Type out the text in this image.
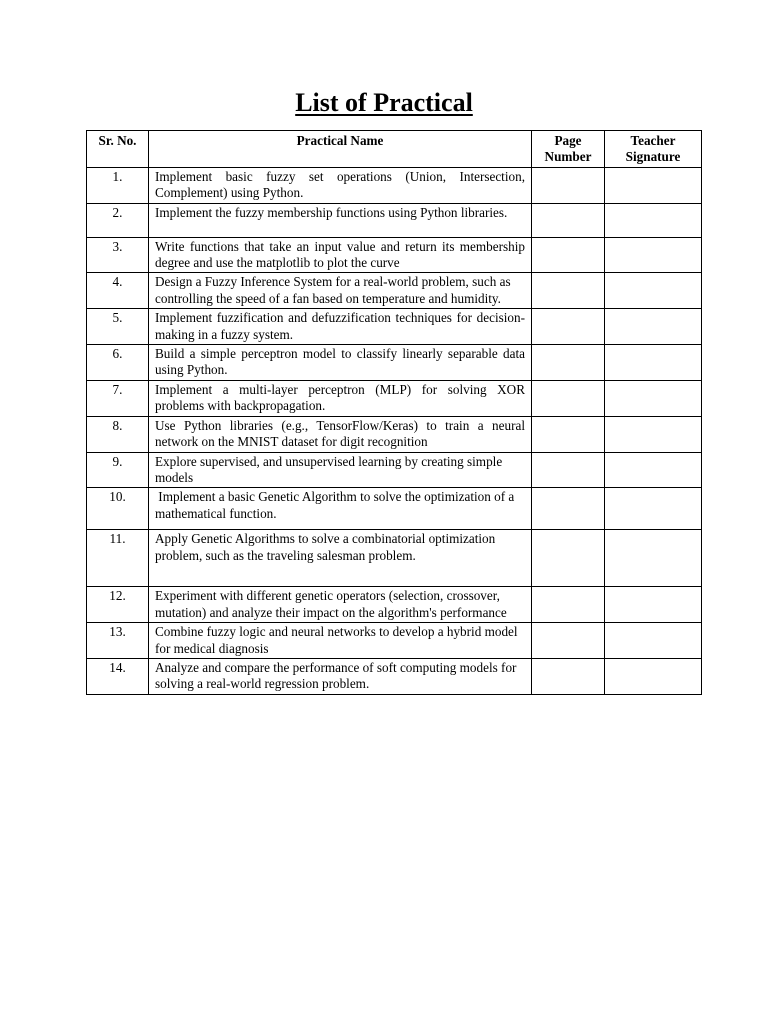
List of Practical
Sr. No.	Practical Name	Page Number	Teacher Signature
1.	Implement basic fuzzy set operations (Union, Intersection, Complement) using Python.		
2.	Implement the fuzzy membership functions using Python libraries.		
3.	Write functions that take an input value and return its membership degree and use the matplotlib to plot the curve		
4.	Design a Fuzzy Inference System for a real-world problem, such as controlling the speed of a fan based on temperature and humidity.		
5.	Implement fuzzification and defuzzification techniques for decision-making in a fuzzy system.		
6.	Build a simple perceptron model to classify linearly separable data using Python.		
7.	Implement a multi-layer perceptron (MLP) for solving XOR problems with backpropagation.		
8.	Use Python libraries (e.g., TensorFlow/Keras) to train a neural network on the MNIST dataset for digit recognition		
9.	Explore supervised, and unsupervised learning by creating simple models		
10.	Implement a basic Genetic Algorithm to solve the optimization of a mathematical function.		
11.	Apply Genetic Algorithms to solve a combinatorial optimization problem, such as the traveling salesman problem.		
12.	Experiment with different genetic operators (selection, crossover, mutation) and analyze their impact on the algorithm's performance		
13.	Combine fuzzy logic and neural networks to develop a hybrid model for medical diagnosis		
14.	Analyze and compare the performance of soft computing models for solving a real-world regression problem.		
